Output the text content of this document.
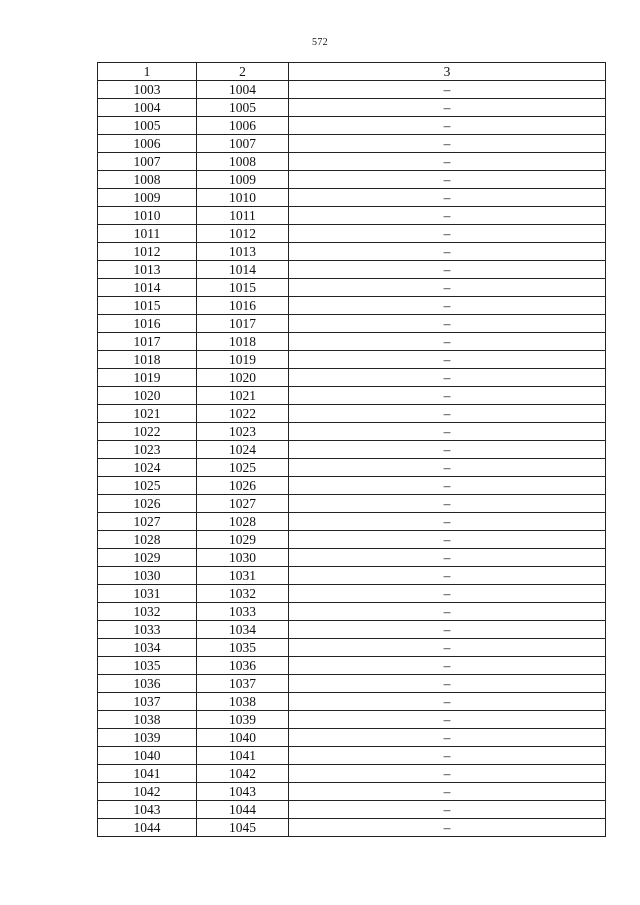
572
1	2	3
1003	1004	–
1004	1005	–
1005	1006	–
1006	1007	–
1007	1008	–
1008	1009	–
1009	1010	–
1010	1011	–
1011	1012	–
1012	1013	–
1013	1014	–
1014	1015	–
1015	1016	–
1016	1017	–
1017	1018	–
1018	1019	–
1019	1020	–
1020	1021	–
1021	1022	–
1022	1023	–
1023	1024	–
1024	1025	–
1025	1026	–
1026	1027	–
1027	1028	–
1028	1029	–
1029	1030	–
1030	1031	–
1031	1032	–
1032	1033	–
1033	1034	–
1034	1035	–
1035	1036	–
1036	1037	–
1037	1038	–
1038	1039	–
1039	1040	–
1040	1041	–
1041	1042	–
1042	1043	–
1043	1044	–
1044	1045	–
